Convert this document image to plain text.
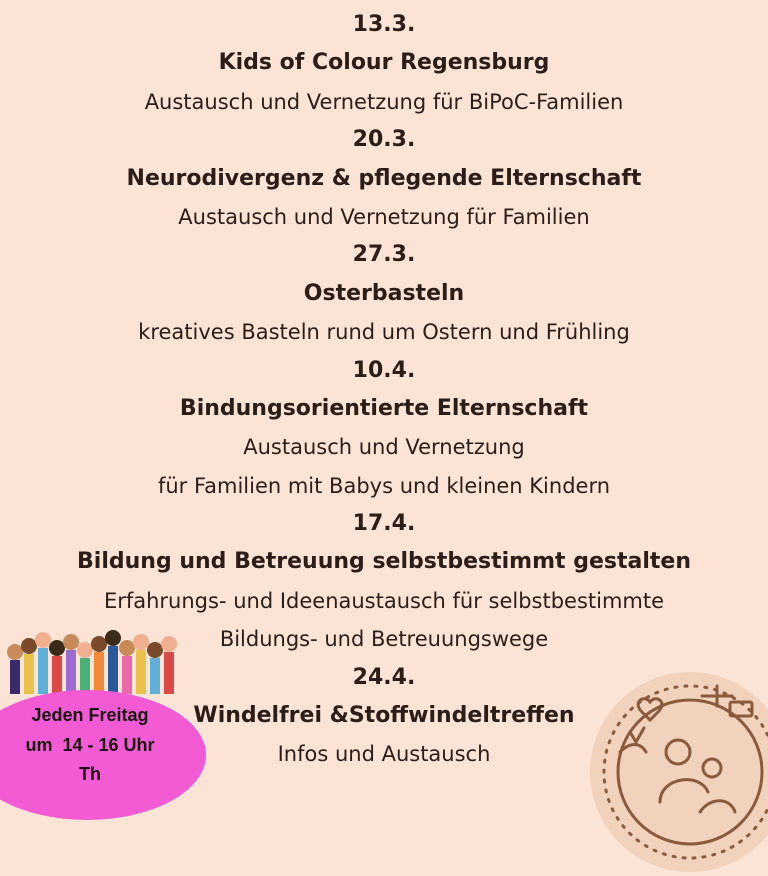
13.3.
Kids of Colour Regensburg
Austausch und Vernetzung für BiPoC-Familien
20.3.
Neurodivergenz & pflegende Elternschaft
Austausch und Vernetzung für Familien
27.3.
Osterbasteln
kreatives Basteln rund um Ostern und Frühling
10.4.
Bindungsorientierte Elternschaft
Austausch und Vernetzung
für Familien mit Babys und kleinen Kindern
17.4.
Bildung und Betreuung selbstbestimmt gestalten
Erfahrungs- und Ideenaustausch für selbstbestimmte
Bildungs- und Betreuungswege
24.4.
Windelfrei &Stoffwindeltreffen
Infos und Austausch
Jeden Freitag
um  14 - 16 Uhr
Th
